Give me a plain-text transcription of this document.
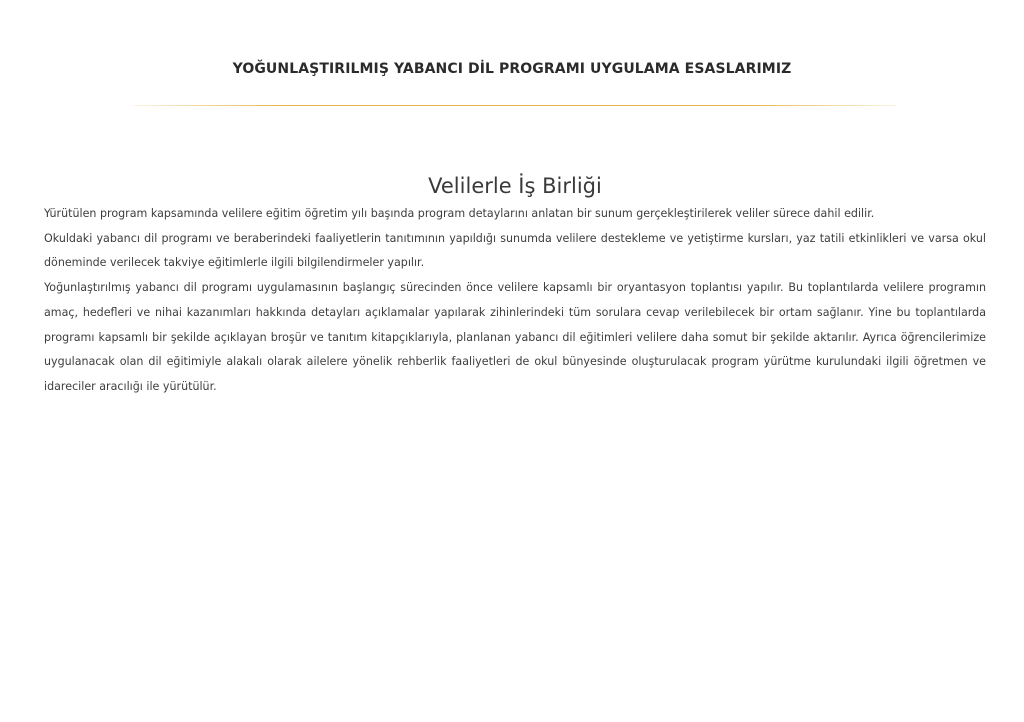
YOĞUNLAŞTIRILMIŞ YABANCI DİL PROGRAMI UYGULAMA ESASLARIMIZ
Velilerle İş Birliği

Yürütülen program kapsamında velilere eğitim öğretim yılı başında program detaylarını anlatan bir sunum gerçekleştirilerek veliler sürece dahil edilir.

Okuldaki yabancı dil programı ve beraberindeki faaliyetlerin tanıtımının yapıldığı sunumda velilere destekleme ve yetiştirme kursları, yaz tatili etkinlikleri ve varsa okul döneminde verilecek takviye eğitimlerle ilgili bilgilendirmeler yapılır.

Yoğunlaştırılmış yabancı dil programı uygulamasının başlangıç sürecinden önce velilere kapsamlı bir oryantasyon toplantısı yapılır. Bu toplantılarda velilere programın amaç, hedefleri ve nihai kazanımları hakkında detayları açıklamalar yapılarak zihinlerindeki tüm sorulara cevap verilebilecek bir ortam sağlanır. Yine bu toplantılarda programı kapsamlı bir şekilde açıklayan broşür ve tanıtım kitapçıklarıyla, planlanan yabancı dil eğitimleri velilere daha somut bir şekilde aktarılır. Ayrıca öğrencilerimize uygulanacak olan dil eğitimiyle alakalı olarak ailelere yönelik rehberlik faaliyetleri de okul bünyesinde oluşturulacak program yürütme kurulundaki ilgili öğretmen ve idareciler aracılığı ile yürütülür.
